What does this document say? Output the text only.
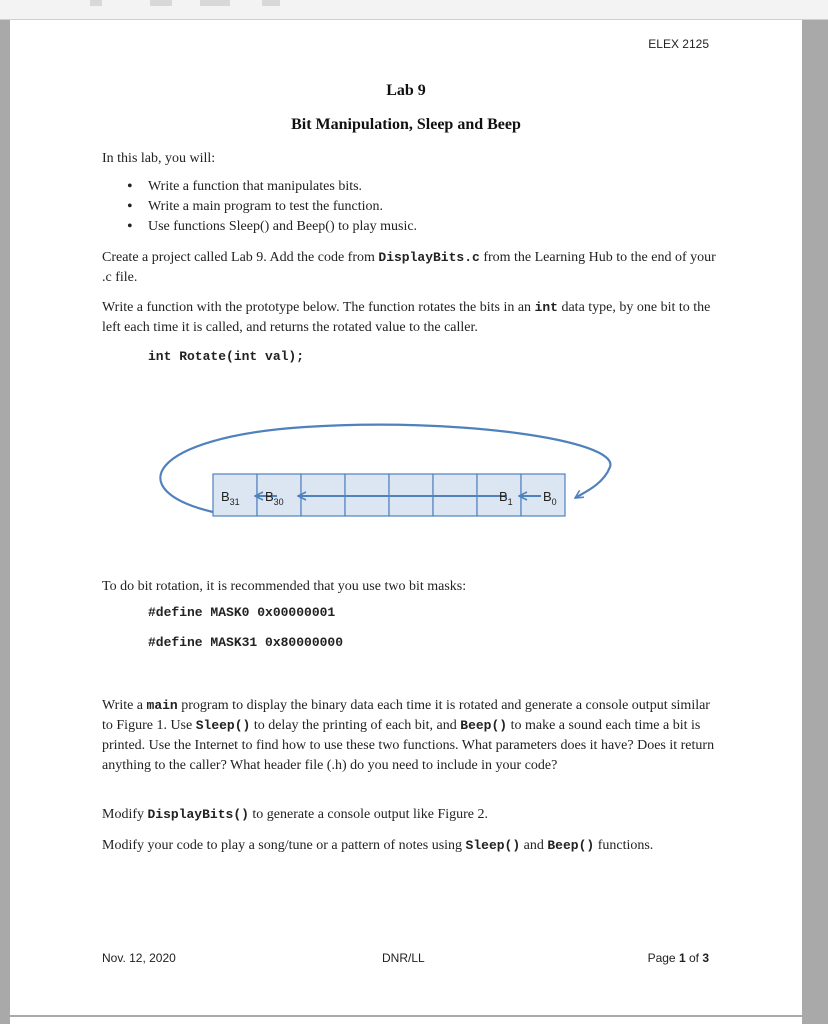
ELEX 2125
Lab 9
Bit Manipulation, Sleep and Beep

In this lab, you will:

• Write a function that manipulates bits.
• Write a main program to test the function.
• Use functions Sleep() and Beep() to play music.

Create a project called Lab 9. Add the code from DisplayBits.c from the Learning Hub to the end of your .c file.

Write a function with the prototype below. The function rotates the bits in an int data type, by one bit to the left each time it is called, and returns the rotated value to the caller.

int Rotate(int val);
$B_{31}$ $B_{30}$	$B_1$ $B_0$

To do bit rotation, it is recommended that you use two bit masks:

#define MASK0 0x00000001
#define MASK31 0x80000000

Write a main program to display the binary data each time it is rotated and generate a console output similar to Figure 1. Use Sleep() to delay the printing of each bit, and Beep() to make a sound each time a bit is printed. Use the Internet to find how to use these two functions. What parameters does it have? Does it return anything to the caller? What header file (.h) do you need to include in your code?

Modify DisplayBits() to generate a console output like Figure 2.

Modify your code to play a song/tune or a pattern of notes using Sleep() and Beep() functions.

Nov. 12, 2020	DNR/LL	Page 1 of 3
